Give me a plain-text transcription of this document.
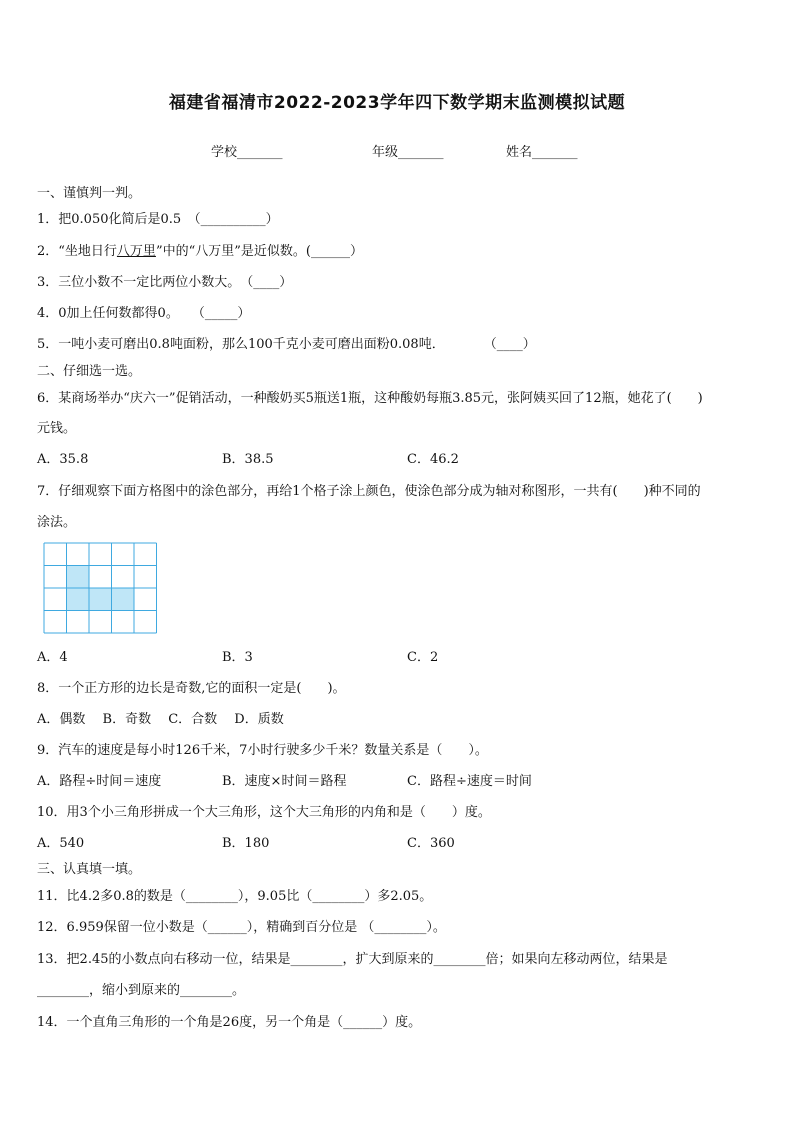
福建省福清市2022-2023学年四下数学期末监测模拟试题
学校_______	年级_______	姓名_______
一、谨慎判一判。
1．把0.050化简后是0.5　（__________）
2．“坐地日行八万里”中的“八万里”是近似数。(______）
3．三位小数不一定比两位小数大。　（____）
4．0加上任何数都得0。　　（_____）
5．一吨小麦可磨出0.8吨面粉，那么100千克小麦可磨出面粉0.08吨．　　　　（____）
二、仔细选一选。
6．某商场举办“庆六一”促销活动，一种酸奶买5瓶送1瓶，这种酸奶每瓶3.85元，张阿姨买回了12瓶，她花了(　　)
元钱。
A．35.8	B．38.5	C．46.2
7．仔细观察下面方格图中的涂色部分，再给1个格子涂上颜色，使涂色部分成为轴对称图形，一共有(　　)种不同的
涂法。
A．4	B．3	C．2
8．一个正方形的边长是奇数,它的面积一定是(　　)。
A．偶数　 B．奇数　 C．合数　 D．质数
9．汽车的速度是每小时126千米，7小时行驶多少千米？数量关系是（　　）。
A．路程÷时间＝速度	B．速度×时间＝路程	C．路程÷速度＝时间
10．用3个小三角形拼成一个大三角形，这个大三角形的内角和是（　　）度。
A．540	B．180	C．360
三、认真填一填。
11．比4.2多0.8的数是（________），9.05比（________）多2.05。
12．6.959保留一位小数是（______），精确到百分位是 （________）。
13．把2.45的小数点向右移动一位，结果是________，扩大到原来的________倍；如果向左移动两位，结果是
________，缩小到原来的________。
14．一个直角三角形的一个角是26度，另一个角是（______）度。
